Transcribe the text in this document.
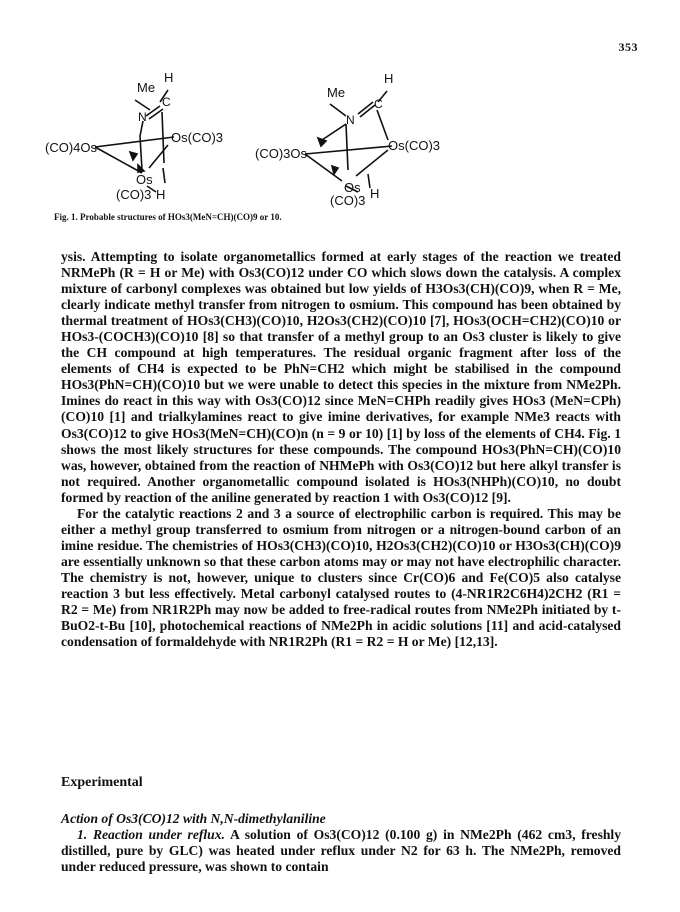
353
Me
H
N
C
(CO)4Os
Os(CO)3
Os
(CO)3 H
Me
H
N
C
(CO)3Os
Os(CO)3
Os
(CO)3 H
Fig. 1. Probable structures of HOs3(MeN=CH)(CO)9 or 10.

ysis. Attempting to isolate organometallics formed at early stages of the reaction we treated NRMePh (R = H or Me) with Os3(CO)12 under CO which slows down the catalysis. A complex mixture of carbonyl complexes was obtained but low yields of H3Os3(CH)(CO)9, when R = Me, clearly indicate methyl transfer from nitrogen to osmium. This compound has been obtained by thermal treatment of HOs3(CH3)(CO)10, H2Os3(CH2)(CO)10 [7], HOs3(OCH=CH2)(CO)10 or HOs3-(COCH3)(CO)10 [8] so that transfer of a methyl group to an Os3 cluster is likely to give the CH compound at high temperatures. The residual organic fragment after loss of the elements of CH4 is expected to be PhN=CH2 which might be stabilised in the compound HOs3(PhN=CH)(CO)10 but we were unable to detect this species in the mixture from NMe2Ph. Imines do react in this way with Os3(CO)12 since MeN=CHPh readily gives HOs3 (MeN=CPh)(CO)10 [1] and trialkylamines react to give imine derivatives, for example NMe3 reacts with Os3(CO)12 to give HOs3(MeN=CH)(CO)n (n = 9 or 10) [1] by loss of the elements of CH4. Fig. 1 shows the most likely structures for these compounds. The compound HOs3(PhN=CH)(CO)10 was, however, obtained from the reaction of NHMePh with Os3(CO)12 but here alkyl transfer is not required. Another organometallic compound isolated is HOs3(NHPh)(CO)10, no doubt formed by reaction of the aniline generated by reaction 1 with Os3(CO)12 [9].

For the catalytic reactions 2 and 3 a source of electrophilic carbon is required. This may be either a methyl group transferred to osmium from nitrogen or a nitrogen-bound carbon of an imine residue. The chemistries of HOs3(CH3)(CO)10, H2Os3(CH2)(CO)10 or H3Os3(CH)(CO)9 are essentially unknown so that these carbon atoms may or may not have electrophilic character. The chemistry is not, however, unique to clusters since Cr(CO)6 and Fe(CO)5 also catalyse reaction 3 but less effectively. Metal carbonyl catalysed routes to (4-NR1R2C6H4)2CH2 (R1 = R2 = Me) from NR1R2Ph may now be added to free-radical routes from NMe2Ph initiated by t-BuO2-t-Bu [10], photochemical reactions of NMe2Ph in acidic solutions [11] and acid-catalysed condensation of formaldehyde with NR1R2Ph (R1 = R2 = H or Me) [12,13].

Experimental
Action of Os3(CO)12 with N,N-dimethylaniline
1. Reaction under reflux. A solution of Os3(CO)12 (0.100 g) in NMe2Ph (462 cm3, freshly distilled, pure by GLC) was heated under reflux under N2 for 63 h. The NMe2Ph, removed under reduced pressure, was shown to contain
